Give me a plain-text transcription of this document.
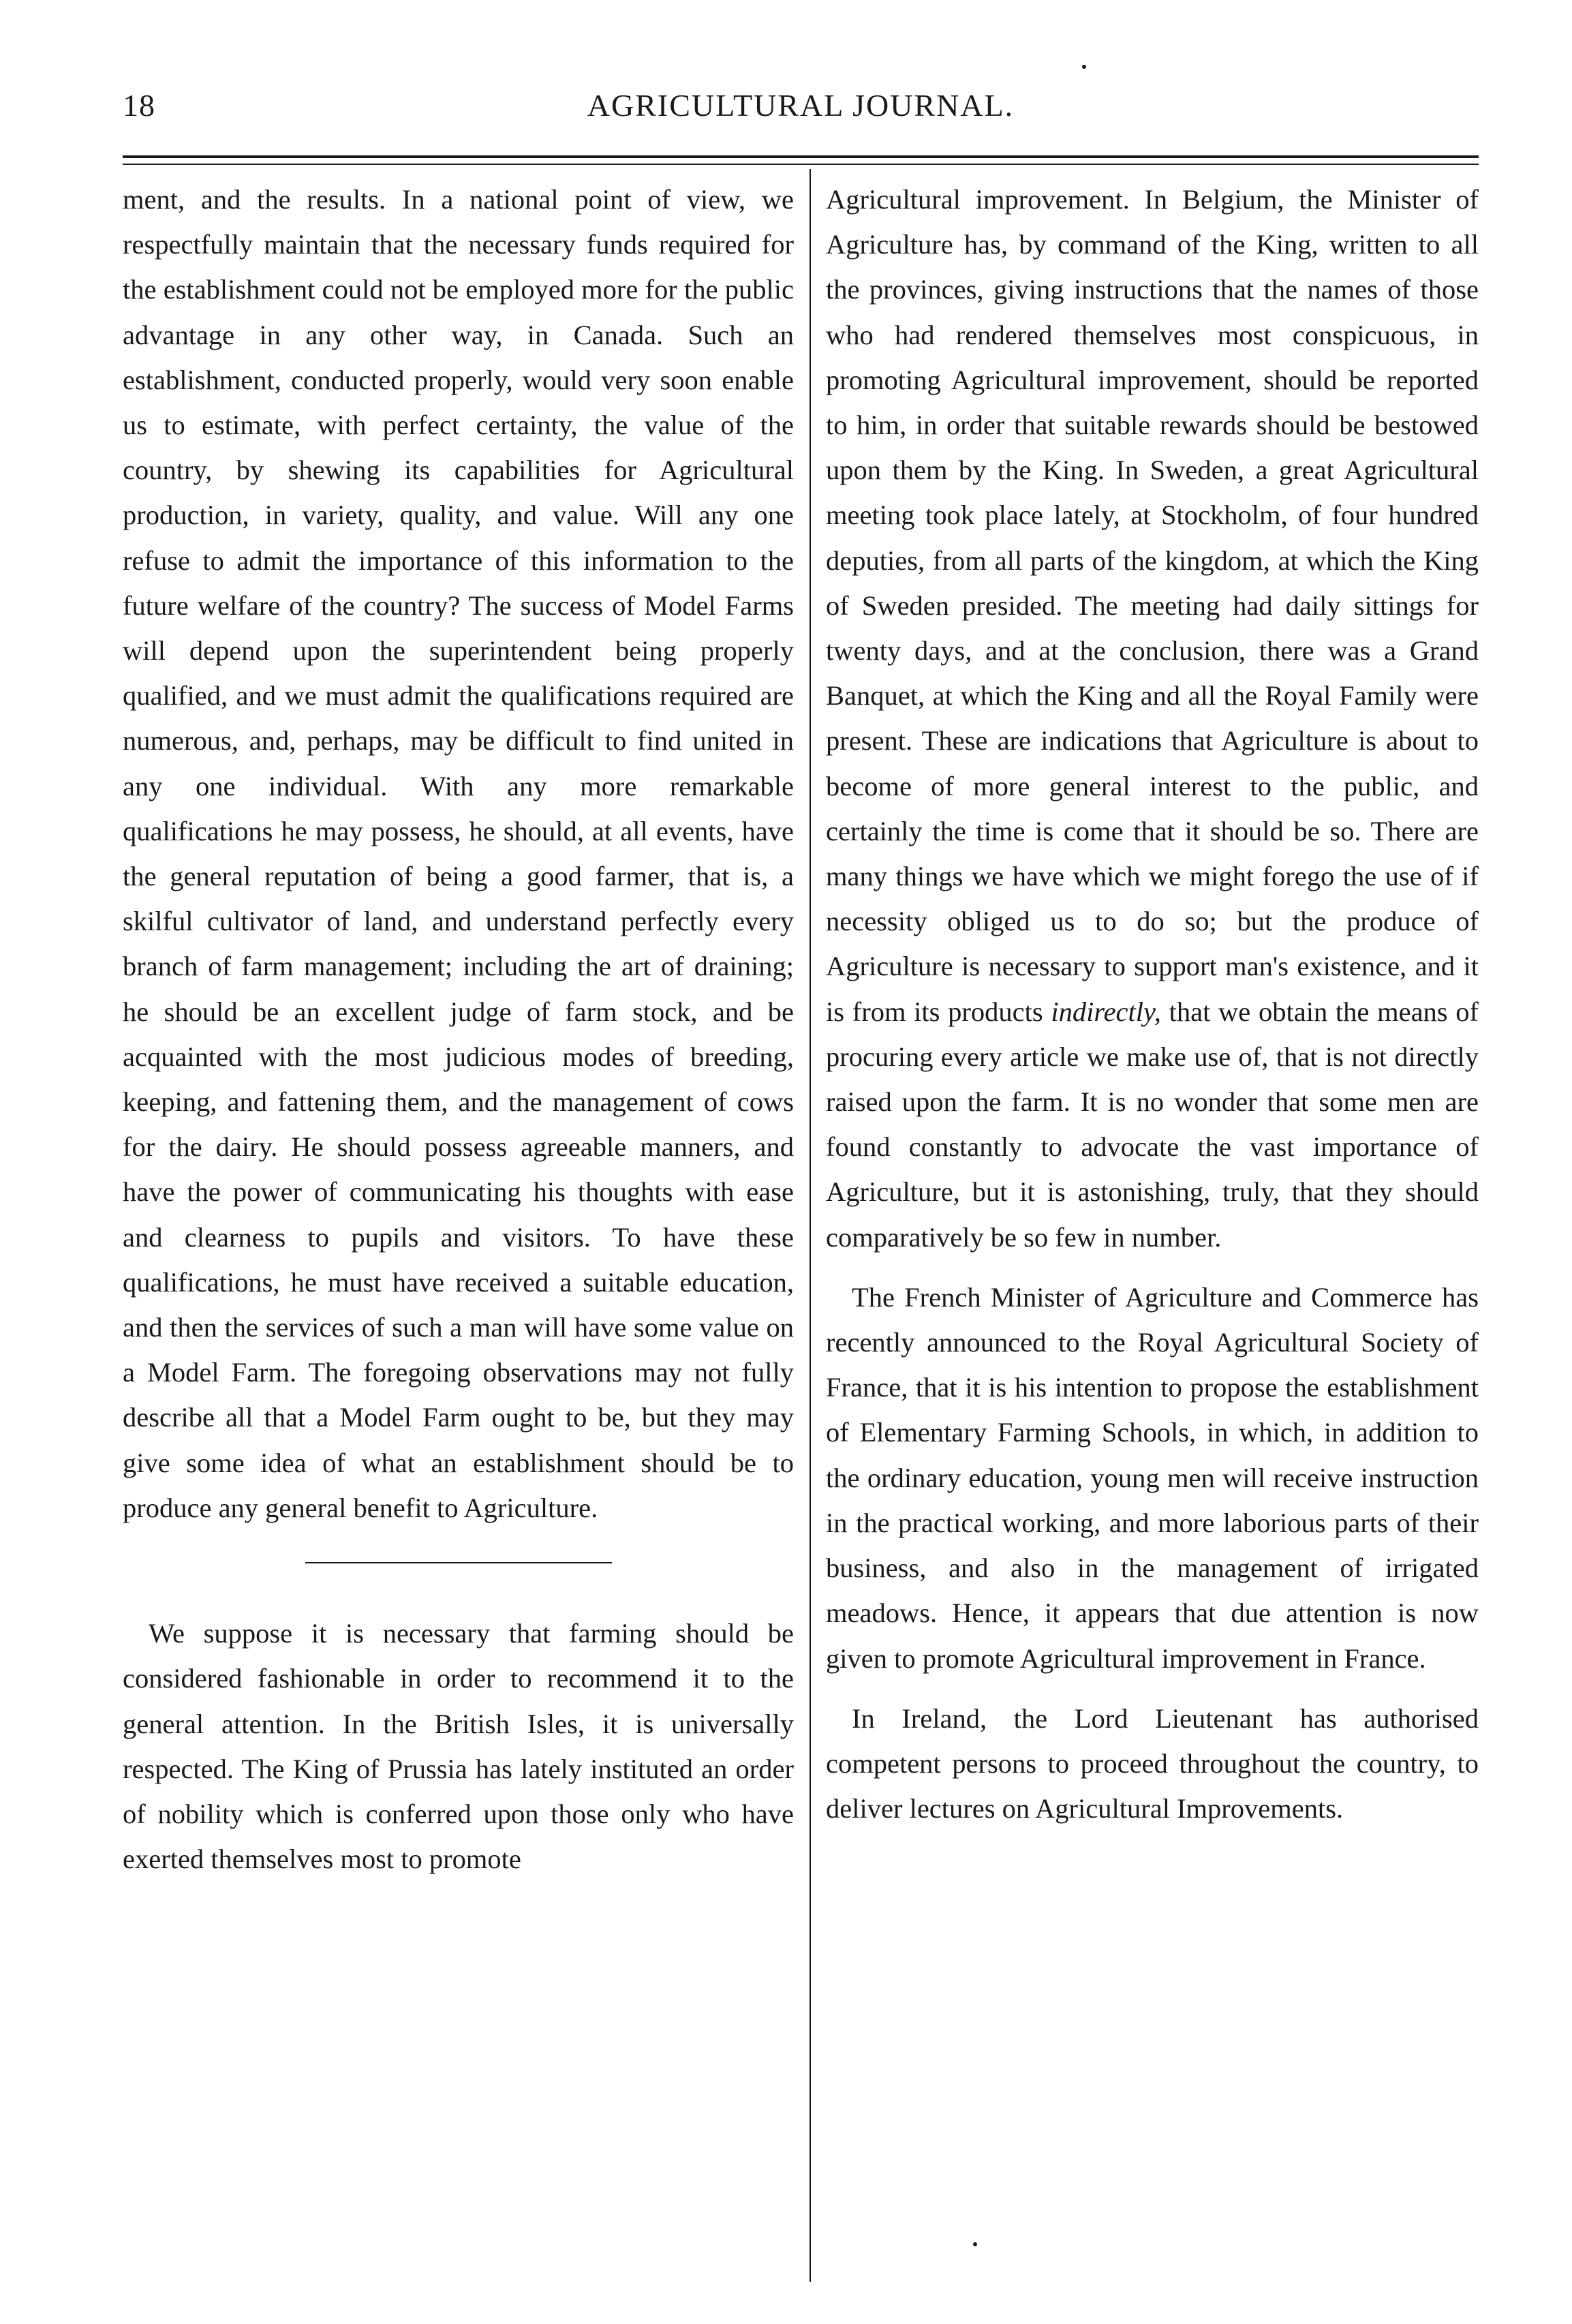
18	AGRICULTURAL JOURNAL.

ment, and the results. In a national point of view, we respectfully maintain that the necessary funds required for the establishment could not be employed more for the public advantage in any other way, in Canada. Such an establishment, conducted properly, would very soon enable us to estimate, with perfect certainty, the value of the country, by shewing its capabilities for Agricultural production, in variety, quality, and value. Will any one refuse to admit the importance of this information to the future welfare of the country? The success of Model Farms will depend upon the superintendent being properly qualified, and we must admit the qualifications required are numerous, and, perhaps, may be difficult to find united in any one individual. With any more remarkable qualifications he may possess, he should, at all events, have the general reputation of being a good farmer, that is, a skilful cultivator of land, and understand perfectly every branch of farm management; including the art of draining; he should be an excellent judge of farm stock, and be acquainted with the most judicious modes of breeding, keeping, and fattening them, and the management of cows for the dairy. He should possess agreeable manners, and have the power of communicating his thoughts with ease and clearness to pupils and visitors. To have these qualifications, he must have received a suitable education, and then the services of such a man will have some value on a Model Farm. The foregoing observations may not fully describe all that a Model Farm ought to be, but they may give some idea of what an establishment should be to produce any general benefit to Agriculture.

We suppose it is necessary that farming should be considered fashionable in order to recommend it to the general attention. In the British Isles, it is universally respected. The King of Prussia has lately instituted an order of nobility which is conferred upon those only who have exerted themselves most to promote

Agricultural improvement. In Belgium, the Minister of Agriculture has, by command of the King, written to all the provinces, giving instructions that the names of those who had rendered themselves most conspicuous, in promoting Agricultural improvement, should be reported to him, in order that suitable rewards should be bestowed upon them by the King. In Sweden, a great Agricultural meeting took place lately, at Stockholm, of four hundred deputies, from all parts of the kingdom, at which the King of Sweden presided. The meeting had daily sittings for twenty days, and at the conclusion, there was a Grand Banquet, at which the King and all the Royal Family were present. These are indications that Agriculture is about to become of more general interest to the public, and certainly the time is come that it should be so. There are many things we have which we might forego the use of if necessity obliged us to do so; but the produce of Agriculture is necessary to support man's existence, and it is from its products indirectly, that we obtain the means of procuring every article we make use of, that is not directly raised upon the farm. It is no wonder that some men are found constantly to advocate the vast importance of Agriculture, but it is astonishing, truly, that they should comparatively be so few in number.

The French Minister of Agriculture and Commerce has recently announced to the Royal Agricultural Society of France, that it is his intention to propose the establishment of Elementary Farming Schools, in which, in addition to the ordinary education, young men will receive instruction in the practical working, and more laborious parts of their business, and also in the management of irrigated meadows. Hence, it appears that due attention is now given to promote Agricultural improvement in France.

In Ireland, the Lord Lieutenant has authorised competent persons to proceed throughout the country, to deliver lectures on Agricultural Improvements.
